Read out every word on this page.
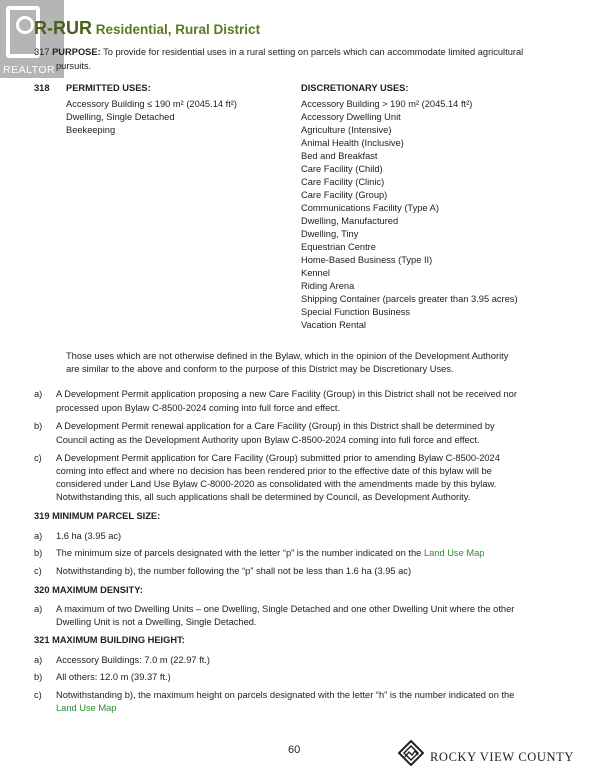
REALTOR
R-RUR Residential, Rural District
317 PURPOSE: To provide for residential uses in a rural setting on parcels which can accommodate limited agricultural
pursuits.
318 PERMITTED USES:	DISCRETIONARY USES:
Accessory Building ≤ 190 m² (2045.14 ft²)
Dwelling, Single Detached
Beekeeping
Accessory Building > 190 m² (2045.14 ft²)
Accessory Dwelling Unit
Agriculture (Intensive)
Animal Health (Inclusive)
Bed and Breakfast
Care Facility (Child)
Care Facility (Clinic)
Care Facility (Group)
Communications Facility (Type A)
Dwelling, Manufactured
Dwelling, Tiny
Equestrian Centre
Home-Based Business (Type II)
Kennel
Riding Arena
Shipping Container (parcels greater than 3.95 acres)
Special Function Business
Vacation Rental
Those uses which are not otherwise defined in the Bylaw, which in the opinion of the Development Authority
are similar to the above and conform to the purpose of this District may be Discretionary Uses.
a) A Development Permit application proposing a new Care Facility (Group) in this District shall not be received nor
processed upon Bylaw C-8500-2024 coming into full force and effect.
b) A Development Permit renewal application for a Care Facility (Group) in this District shall be determined by
Council acting as the Development Authority upon Bylaw C-8500-2024 coming into full force and effect.
c) A Development Permit application for Care Facility (Group) submitted prior to amending Bylaw C-8500-2024
coming into effect and where no decision has been rendered prior to the effective date of this bylaw will be
considered under Land Use Bylaw C-8000-2020 as consolidated with the amendments made by this bylaw.
Notwithstanding this, all such applications shall be determined by Council, as Development Authority.
319 MINIMUM PARCEL SIZE:
a) 1.6 ha (3.95 ac)
b) The minimum size of parcels designated with the letter “p” is the number indicated on the Land Use Map
c) Notwithstanding b), the number following the “p” shall not be less than 1.6 ha (3.95 ac)
320 MAXIMUM DENSITY:
a) A maximum of two Dwelling Units – one Dwelling, Single Detached and one other Dwelling Unit where the other
Dwelling Unit is not a Dwelling, Single Detached.
321 MAXIMUM BUILDING HEIGHT:
a) Accessory Buildings: 7.0 m (22.97 ft.)
b) All others: 12.0 m (39.37 ft.)
c) Notwithstanding b), the maximum height on parcels designated with the letter “h” is the number indicated on the
Land Use Map
60	ROCKY VIEW COUNTY
